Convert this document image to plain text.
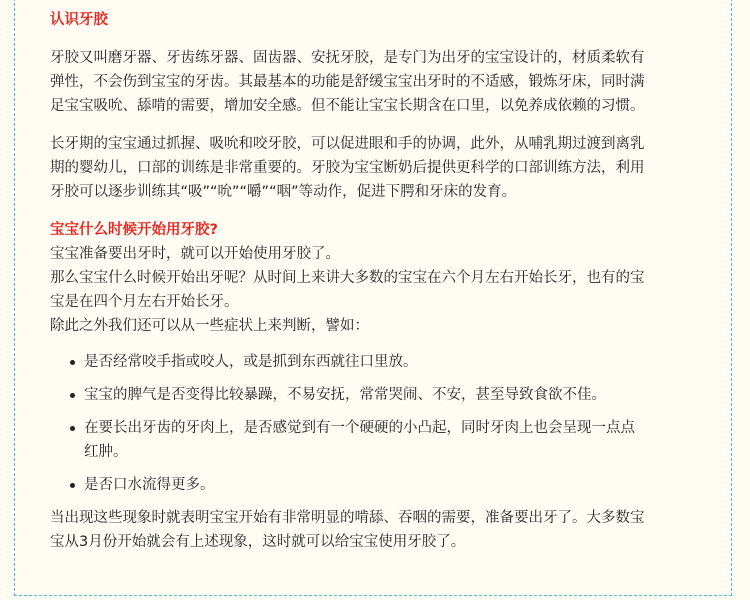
认识牙胶

牙胶又叫磨牙器、牙齿练牙器、固齿器、安抚牙胶，是专门为出牙的宝宝设计的，材质柔软有
弹性，不会伤到宝宝的牙齿。其最基本的功能是舒缓宝宝出牙时的不适感，锻炼牙床，同时满
足宝宝吸吮、舔啃的需要，增加安全感。但不能让宝宝长期含在口里，以免养成依赖的习惯。

长牙期的宝宝通过抓握、吸吮和咬牙胶，可以促进眼和手的协调，此外，从哺乳期过渡到离乳
期的婴幼儿，口部的训练是非常重要的。牙胶为宝宝断奶后提供更科学的口部训练方法，利用
牙胶可以逐步训练其“吸”“吮”“嚼”“咽”等动作，促进下腭和牙床的发育。

宝宝什么时候开始用牙胶?

宝宝准备要出牙时，就可以开始使用牙胶了。
那么宝宝什么时候开始出牙呢？从时间上来讲大多数的宝宝在六个月左右开始长牙，也有的宝
宝是在四个月左右开始长牙。
除此之外我们还可以从一些症状上来判断，譬如：

是否经常咬手指或咬人，或是抓到东西就往口里放。
宝宝的脾气是否变得比较暴躁，不易安抚，常常哭闹、不安，甚至导致食欲不佳。
在要长出牙齿的牙肉上，是否感觉到有一个硬硬的小凸起，同时牙肉上也会呈现一点点
红肿。
是否口水流得更多。

当出现这些现象时就表明宝宝开始有非常明显的啃舔、吞咽的需要，准备要出牙了。大多数宝
宝从3月份开始就会有上述现象，这时就可以给宝宝使用牙胶了。
